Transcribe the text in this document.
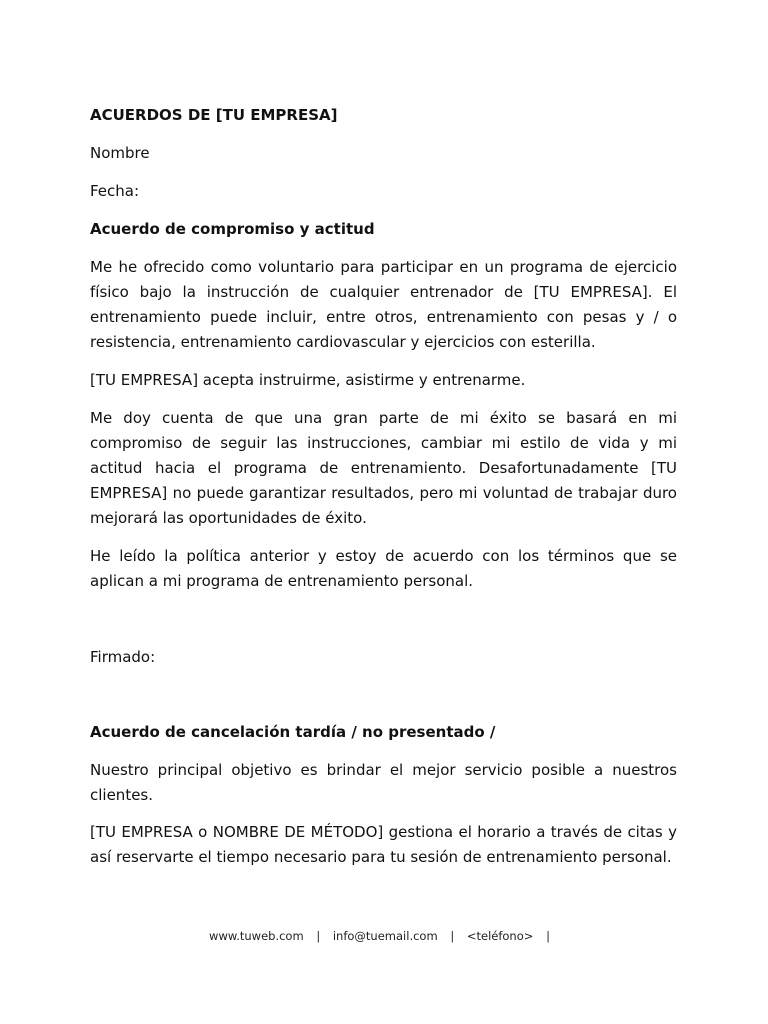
ACUERDOS DE [TU EMPRESA]

Nombre

Fecha:

Acuerdo de compromiso y actitud

Me he ofrecido como voluntario para participar en un programa de ejercicio físico bajo la instrucción de cualquier entrenador de [TU EMPRESA]. El entrenamiento puede incluir, entre otros, entrenamiento con pesas y / o resistencia, entrenamiento cardiovascular y ejercicios con esterilla.

[TU EMPRESA] acepta instruirme, asistirme y entrenarme.

Me doy cuenta de que una gran parte de mi éxito se basará en mi compromiso de seguir las instrucciones, cambiar mi estilo de vida y mi actitud hacia el programa de entrenamiento. Desafortunadamente [TU EMPRESA] no puede garantizar resultados, pero mi voluntad de trabajar duro mejorará las oportunidades de éxito.

He leído la política anterior y estoy de acuerdo con los términos que se aplican a mi programa de entrenamiento personal.

Firmado:

Acuerdo de cancelación tardía / no presentado /

Nuestro principal objetivo es brindar el mejor servicio posible a nuestros clientes.

[TU EMPRESA o NOMBRE DE MÉTODO] gestiona el horario a través de citas y así reservarte el tiempo necesario para tu sesión de entrenamiento personal.

www.tuweb.com | info@tuemail.com | <teléfono> |
